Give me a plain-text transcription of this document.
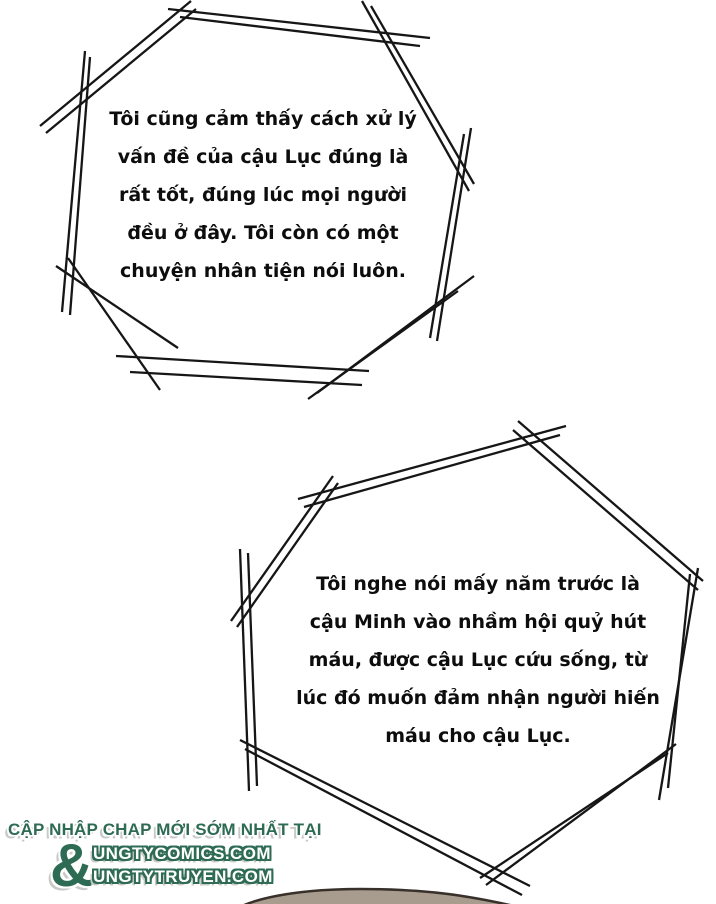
Tôi cũng cảm thấy cách xử lý
vấn đề của cậu Lục đúng là
rất tốt, đúng lúc mọi người
đều ở đây. Tôi còn có một
chuyện nhân tiện nói luôn.
Tôi nghe nói mấy năm trước là
cậu Minh vào nhầm hội quỷ hút
máu, được cậu Lục cứu sống, từ
lúc đó muốn đảm nhận người hiến
máu cho cậu Lục.
CẬP NHẬP CHAP MỚI SỚM NHẤT TẠI
& UNGTYCOMICS.COM
UNGTYTRUYEN.COM
